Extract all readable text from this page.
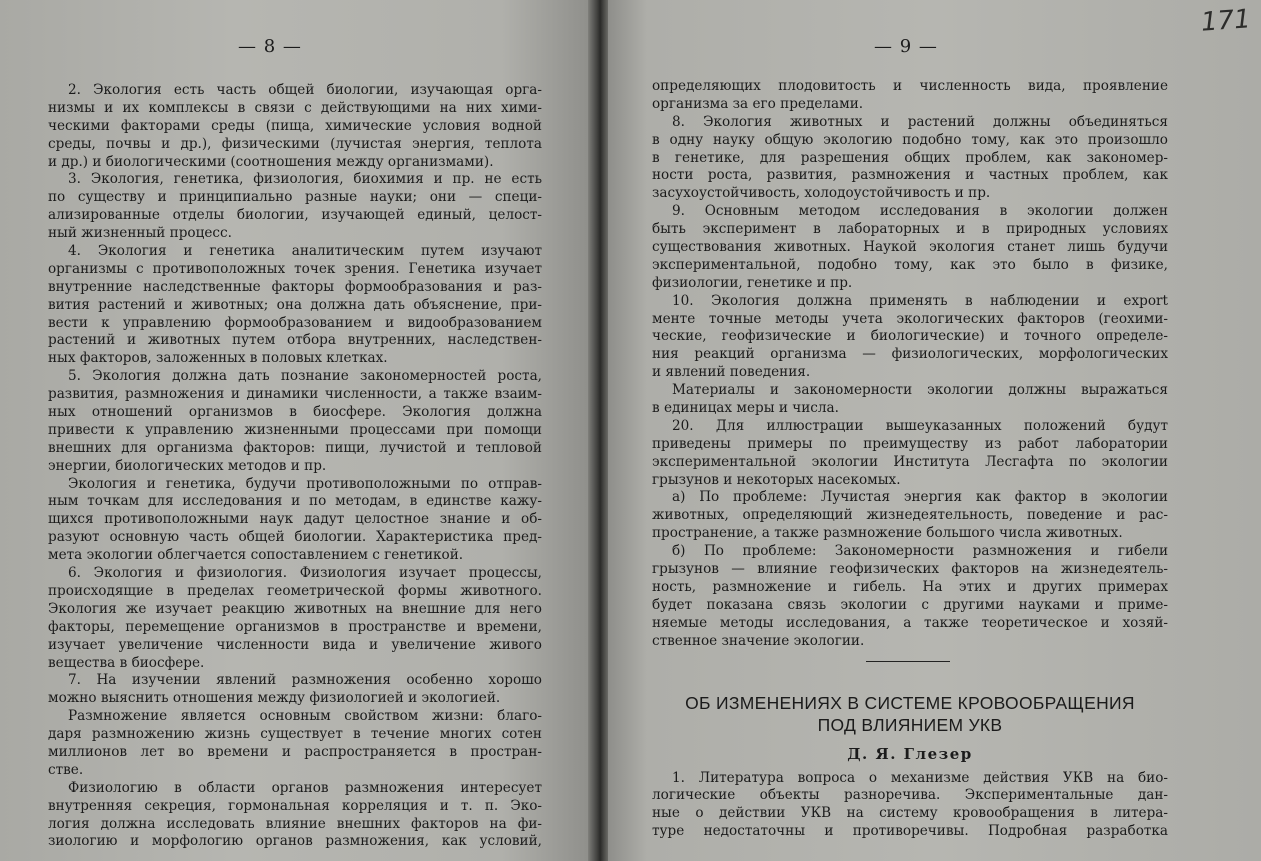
— 8 —
2. Экология есть часть общей биологии, изучающая орга-
низмы и их комплексы в связи с действующими на них хими-
ческими факторами среды (пища, химические условия водной
среды, почвы и др.), физическими (лучистая энергия, теплота
и др.) и биологическими (соотношения между организмами).
3. Экология, генетика, физиология, биохимия и пр. не есть
по существу и принципиально разные науки; они — специ-
ализированные отделы биологии, изучающей единый, целост-
ный жизненный процесс.
4. Экология и генетика аналитическим путем изучают
организмы с противоположных точек зрения. Генетика изучает
внутренние наследственные факторы формообразования и раз-
вития растений и животных; она должна дать объяснение, при-
вести к управлению формообразованием и видообразованием
растений и животных путем отбора внутренних, наследствен-
ных факторов, заложенных в половых клетках.
5. Экология должна дать познание закономерностей роста,
развития, размножения и динамики численности, а также взаим-
ных отношений организмов в биосфере. Экология должна
привести к управлению жизненными процессами при помощи
внешних для организма факторов: пищи, лучистой и тепловой
энергии, биологических методов и пр.
Экология и генетика, будучи противоположными по отправ-
ным точкам для исследования и по методам, в единстве кажу-
щихся противоположными наук дадут целостное знание и об-
разуют основную часть общей биологии. Характеристика пред-
мета экологии облегчается сопоставлением с генетикой.
6. Экология и физиология. Физиология изучает процессы,
происходящие в пределах геометрической формы животного.
Экология же изучает реакцию животных на внешние для него
факторы, перемещение организмов в пространстве и времени,
изучает увеличение численности вида и увеличение живого
вещества в биосфере.
7. На изучении явлений размножения особенно хорошо
можно выяснить отношения между физиологией и экологией.
Размножение является основным свойством жизни: благо-
даря размножению жизнь существует в течение многих сотен
миллионов лет во времени и распространяется в простран-
стве.
Физиологию в области органов размножения интересует
внутренняя секреция, гормональная корреляция и т. п. Эко-
логия должна исследовать влияние внешних факторов на фи-
зиологию и морфологию органов размножения, как условий,
— 9 —
171
определяющих плодовитость и численность вида, проявление
организма за его пределами.
8. Экология животных и растений должны объединяться
в одну науку общую экологию подобно тому, как это произошло
в генетике, для разрешения общих проблем, как закономер-
ности роста, развития, размножения и частных проблем, как
засухоустойчивость, холодоустойчивость и пр.
9. Основным методом исследования в экологии должен
быть эксперимент в лабораторных и в природных условиях
существования животных. Наукой экология станет лишь будучи
экспериментальной, подобно тому, как это было в физике,
физиологии, генетике и пр.
10. Экология должна применять в наблюдении и export
менте точные методы учета экологических факторов (геохими-
ческие, геофизические и биологические) и точного определе-
ния реакций организма — физиологических, морфологических
и явлений поведения.
Материалы и закономерности экологии должны выражаться
в единицах меры и числа.
20. Для иллюстрации вышеуказанных положений будут
приведены примеры по преимуществу из работ лаборатории
экспериментальной экологии Института Лесгафта по экологии
грызунов и некоторых насекомых.
а) По проблеме: Лучистая энергия как фактор в экологии
животных, определяющий жизнедеятельность, поведение и рас-
пространение, а также размножение большого числа животных.
б) По проблеме: Закономерности размножения и гибели
грызунов — влияние геофизических факторов на жизнедеятель-
ность, размножение и гибель. На этих и других примерах
будет показана связь экологии с другими науками и приме-
няемые методы исследования, а также теоретическое и хозяй-
ственное значение экологии.
ОБ ИЗМЕНЕНИЯХ В СИСТЕМЕ КРОВООБРАЩЕНИЯ
ПОД ВЛИЯНИЕМ УКВ
Д. Я. Глезер
1. Литература вопроса о механизме действия УКВ на био-
логические объекты разноречива. Экспериментальные дан-
ные о действии УКВ на систему кровообращения в литера-
туре недостаточны и противоречивы. Подробная разработка
